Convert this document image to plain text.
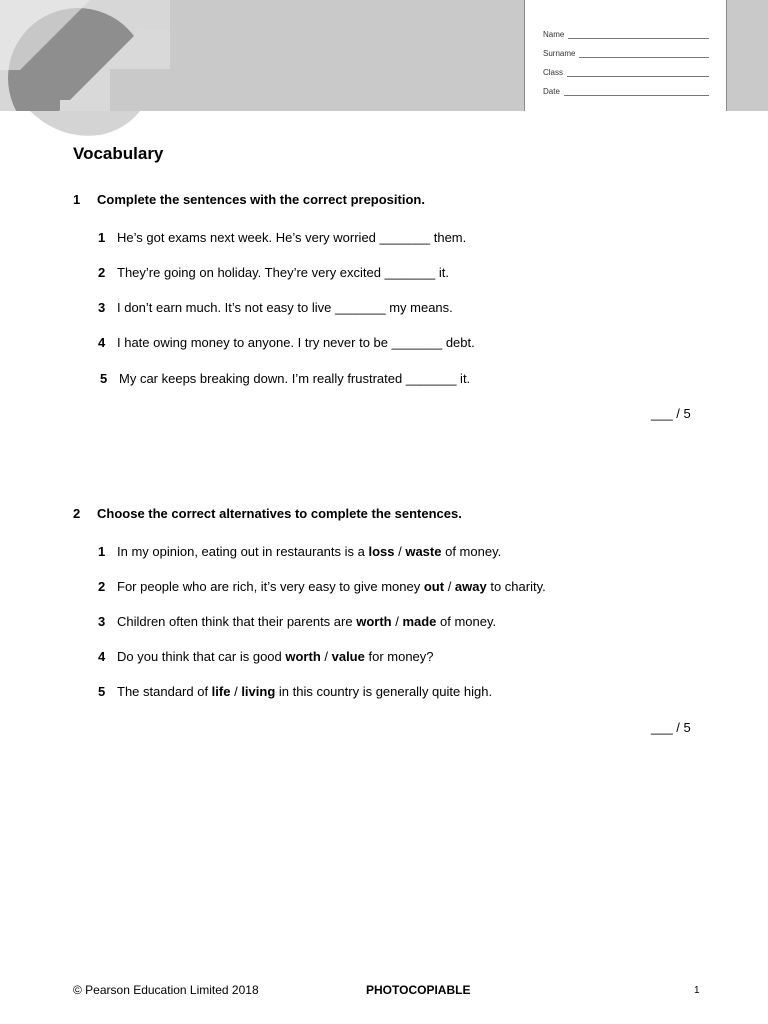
Name
Surname
Class
Date
Vocabulary
1 Complete the sentences with the correct preposition.
1 He’s got exams next week. He’s very worried _______ them.
2 They’re going on holiday. They’re very excited _______ it.
3 I don’t earn much. It’s not easy to live _______ my means.
4 I hate owing money to anyone. I try never to be _______ debt.
5 My car keeps breaking down. I’m really frustrated _______ it.
___ / 5
2 Choose the correct alternatives to complete the sentences.
1 In my opinion, eating out in restaurants is a loss / waste of money.
2 For people who are rich, it’s very easy to give money out / away to charity.
3 Children often think that their parents are worth / made of money.
4 Do you think that car is good worth / value for money?
5 The standard of life / living in this country is generally quite high.
___ / 5
© Pearson Education Limited 2018	PHOTOCOPIABLE	1
